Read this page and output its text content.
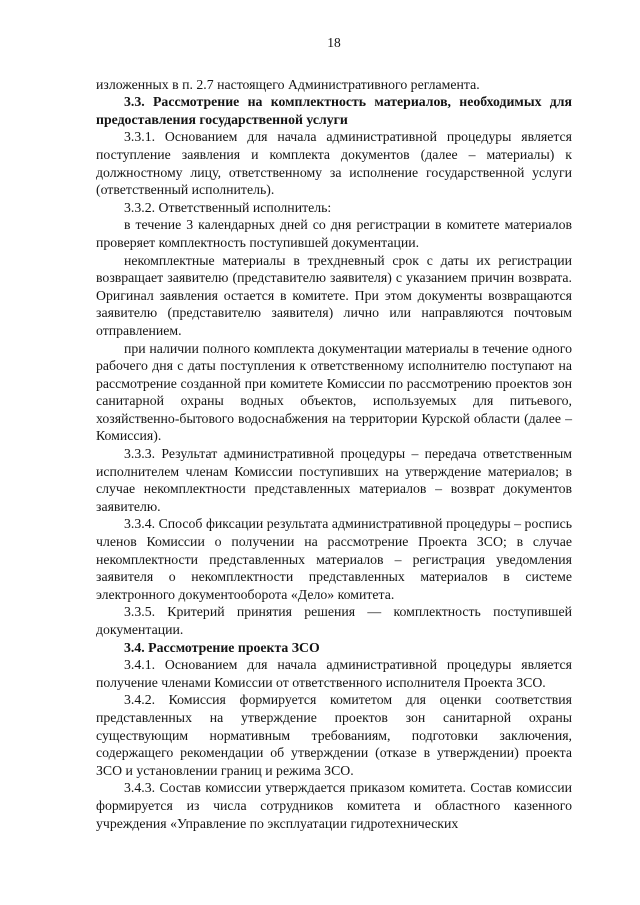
18

изложенных в п. 2.7 настоящего Административного регламента.

3.3. Рассмотрение на комплектность материалов, необходимых для предоставления государственной услуги

3.3.1. Основанием для начала административной процедуры является поступление заявления и комплекта документов (далее – материалы) к должностному лицу, ответственному за исполнение государственной услуги (ответственный исполнитель).

3.3.2. Ответственный исполнитель:

в течение 3 календарных дней со дня регистрации в комитете материалов проверяет комплектность поступившей документации.

некомплектные материалы в трехдневный срок с даты их регистрации возвращает заявителю (представителю заявителя) с указанием причин возврата. Оригинал заявления остается в комитете. При этом документы возвращаются заявителю (представителю заявителя) лично или направляются почтовым отправлением.

при наличии полного комплекта документации материалы в течение одного рабочего дня с даты поступления к ответственному исполнителю поступают на рассмотрение созданной при комитете Комиссии по рассмотрению проектов зон санитарной охраны водных объектов, используемых для питьевого, хозяйственно-бытового водоснабжения на территории Курской области (далее – Комиссия).

3.3.3. Результат административной процедуры – передача ответственным исполнителем членам Комиссии поступивших на утверждение материалов; в случае некомплектности представленных материалов – возврат документов заявителю.

3.3.4. Способ фиксации результата административной процедуры – роспись членов Комиссии о получении на рассмотрение Проекта ЗСО; в случае некомплектности представленных материалов – регистрация уведомления заявителя о некомплектности представленных материалов в системе электронного документооборота «Дело» комитета.

3.3.5. Критерий принятия решения — комплектность поступившей документации.

3.4. Рассмотрение проекта ЗСО

3.4.1. Основанием для начала административной процедуры является получение членами Комиссии от ответственного исполнителя Проекта ЗСО.

3.4.2. Комиссия формируется комитетом для оценки соответствия представленных на утверждение проектов зон санитарной охраны существующим нормативным требованиям, подготовки заключения, содержащего рекомендации об утверждении (отказе в утверждении) проекта ЗСО и установлении границ и режима ЗСО.

3.4.3. Состав комиссии утверждается приказом комитета. Состав комиссии формируется из числа сотрудников комитета и областного казенного учреждения «Управление по эксплуатации гидротехнических
